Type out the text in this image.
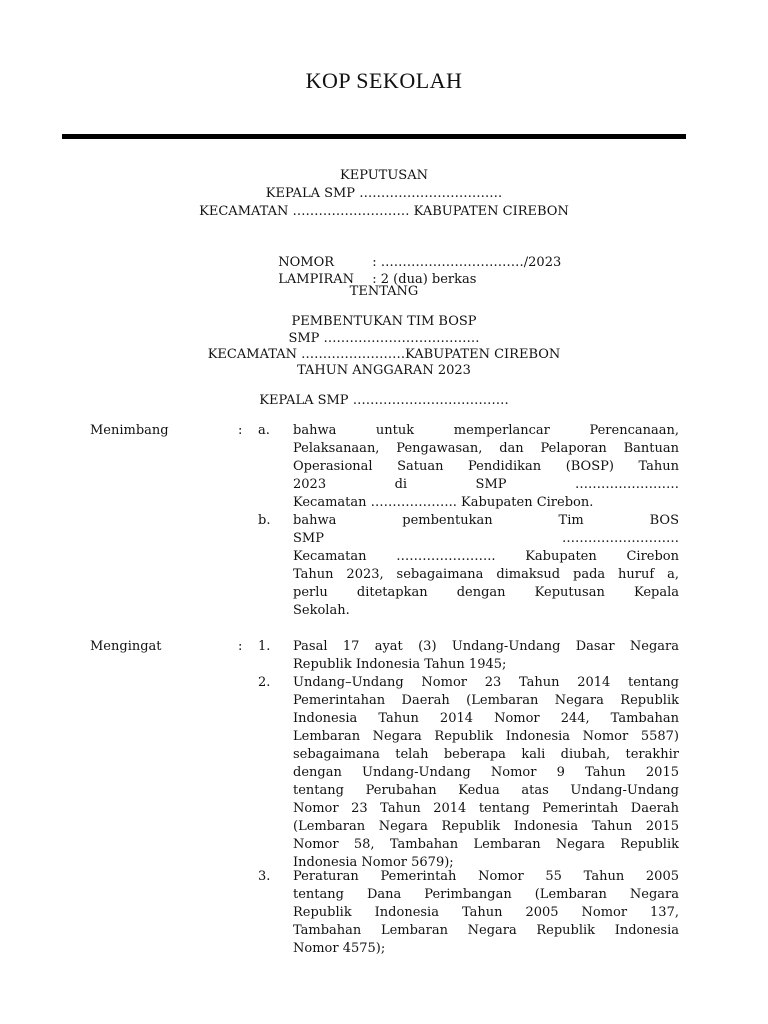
KOP SEKOLAH
KEPUTUSAN
KEPALA SMP ……………………………
KECAMATAN ……………………… KABUPATEN CIREBON

NOMOR	: ……………………………/2023

LAMPIRAN : 2 (dua) berkas

TENTANG
PEMBENTUKAN TIM BOSP
SMP ………………………………
KECAMATAN ……………………KABUPATEN CIREBON
TAHUN ANGGARAN 2023
KEPALA SMP ………………………………
Menimbang	: a. bahwa untuk memperlancar Perencanaan,
Pelaksanaan, Pengawasan, dan Pelaporan Bantuan
Operasional Satuan Pendidikan (BOSP) Tahun
2023 di SMP ……………………
Kecamatan ……………….. Kabupaten Cirebon.
b. bahwa pembentukan Tim BOS
SMP ………………………
Kecamatan ………………….. Kabupaten Cirebon
Tahun 2023, sebagaimana dimaksud pada huruf a,
perlu ditetapkan dengan Keputusan Kepala
Sekolah.
Mengingat	: 1. Pasal 17 ayat (3) Undang-Undang Dasar Negara
Republik Indonesia Tahun 1945;
2. Undang–Undang Nomor 23 Tahun 2014 tentang
Pemerintahan Daerah (Lembaran Negara Republik
Indonesia Tahun 2014 Nomor 244, Tambahan
Lembaran Negara Republik Indonesia Nomor 5587)
sebagaimana telah beberapa kali diubah, terakhir
dengan Undang-Undang Nomor 9 Tahun 2015
tentang Perubahan Kedua atas Undang-Undang
Nomor 23 Tahun 2014 tentang Pemerintah Daerah
(Lembaran Negara Republik Indonesia Tahun 2015
Nomor 58, Tambahan Lembaran Negara Republik
Indonesia Nomor 5679);
3. Peraturan Pemerintah Nomor 55 Tahun 2005
tentang Dana Perimbangan (Lembaran Negara
Republik Indonesia Tahun 2005 Nomor 137,
Tambahan Lembaran Negara Republik Indonesia
Nomor 4575);
